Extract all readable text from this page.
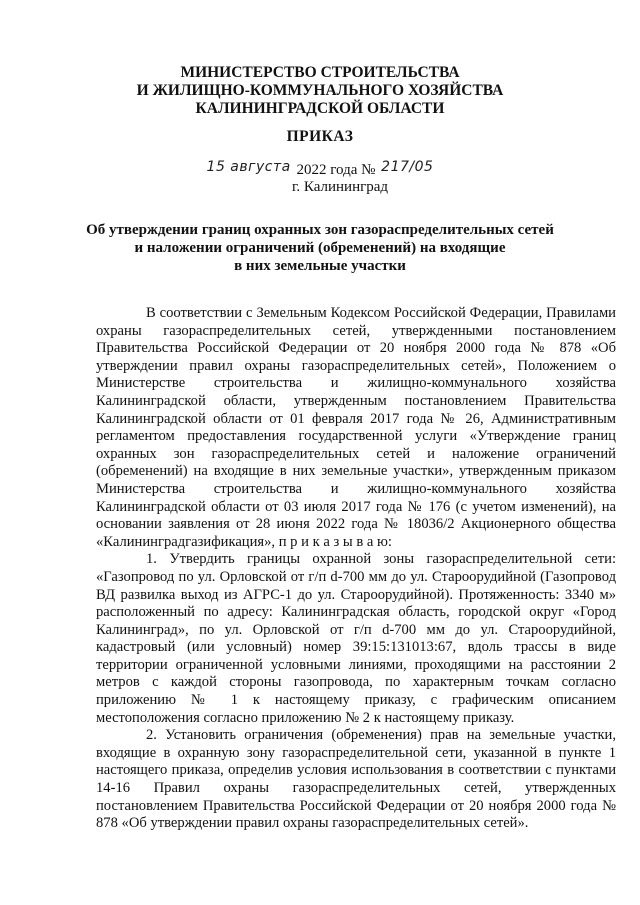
МИНИСТЕРСТВО СТРОИТЕЛЬСТВА
И ЖИЛИЩНО-КОММУНАЛЬНОГО ХОЗЯЙСТВА
КАЛИНИНГРАДСКОЙ ОБЛАСТИ
ПРИКАЗ
15 августа 2022 года № 217/05
г. Калининград
Об утверждении границ охранных зон газораспределительных сетей
и наложении ограничений (обременений) на входящие
в них земельные участки

В соответствии с Земельным Кодексом Российской Федерации, Правилами охраны газораспределительных сетей, утвержденными постановлением Правительства Российской Федерации от 20 ноября 2000 года № 878 «Об утверждении правил охраны газораспределительных сетей», Положением о Министерстве строительства и жилищно-коммунального хозяйства Калининградской области, утвержденным постановлением Правительства Калининградской области от 01 февраля 2017 года № 26, Административным регламентом предоставления государственной услуги «Утверждение границ охранных зон газораспределительных сетей и наложение ограничений (обременений) на входящие в них земельные участки», утвержденным приказом Министерства строительства и жилищно-коммунального хозяйства Калининградской области от 03 июля 2017 года № 176 (с учетом изменений), на основании заявления от 28 июня 2022 года № 18036/2 Акционерного общества «Калининградгазификация», п р и к а з ы в а ю:

1. Утвердить границы охранной зоны газораспределительной сети: «Газопровод по ул. Орловской от г/п d-700 мм до ул. Староорудийной (Газопровод ВД развилка выход из АГРС-1 до ул. Староорудийной). Протяженность: 3340 м» расположенный по адресу: Калининградская область, городской округ «Город Калининград», по ул. Орловской от г/п d-700 мм до ул. Староорудийной, кадастровый (или условный) номер 39:15:131013:67, вдоль трассы в виде территории ограниченной условными линиями, проходящими на расстоянии 2 метров с каждой стороны газопровода, по характерным точкам согласно приложению № 1 к настоящему приказу, с графическим описанием местоположения согласно приложению № 2 к настоящему приказу.

2. Установить ограничения (обременения) прав на земельные участки, входящие в охранную зону газораспределительной сети, указанной в пункте 1 настоящего приказа, определив условия использования в соответствии с пунктами 14-16 Правил охраны газораспределительных сетей, утвержденных постановлением Правительства Российской Федерации от 20 ноября 2000 года № 878 «Об утверждении правил охраны газораспределительных сетей».
